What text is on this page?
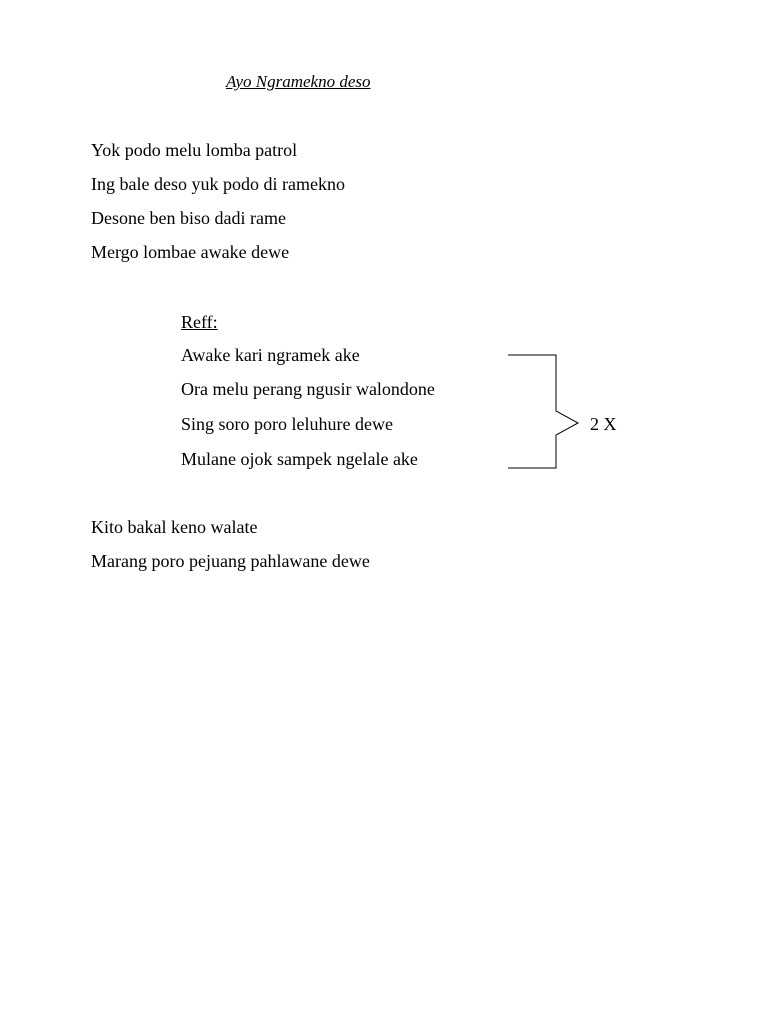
Ayo Ngramekno deso
Yok podo melu lomba patrol
Ing bale deso yuk podo di ramekno
Desone ben biso dadi rame
Mergo lombae awake dewe
Reff:
Awake kari ngramek ake
Ora melu perang ngusir walondone
Sing soro poro leluhure dewe
Mulane ojok sampek ngelale ake
2 X
Kito bakal keno walate
Marang poro pejuang pahlawane dewe
